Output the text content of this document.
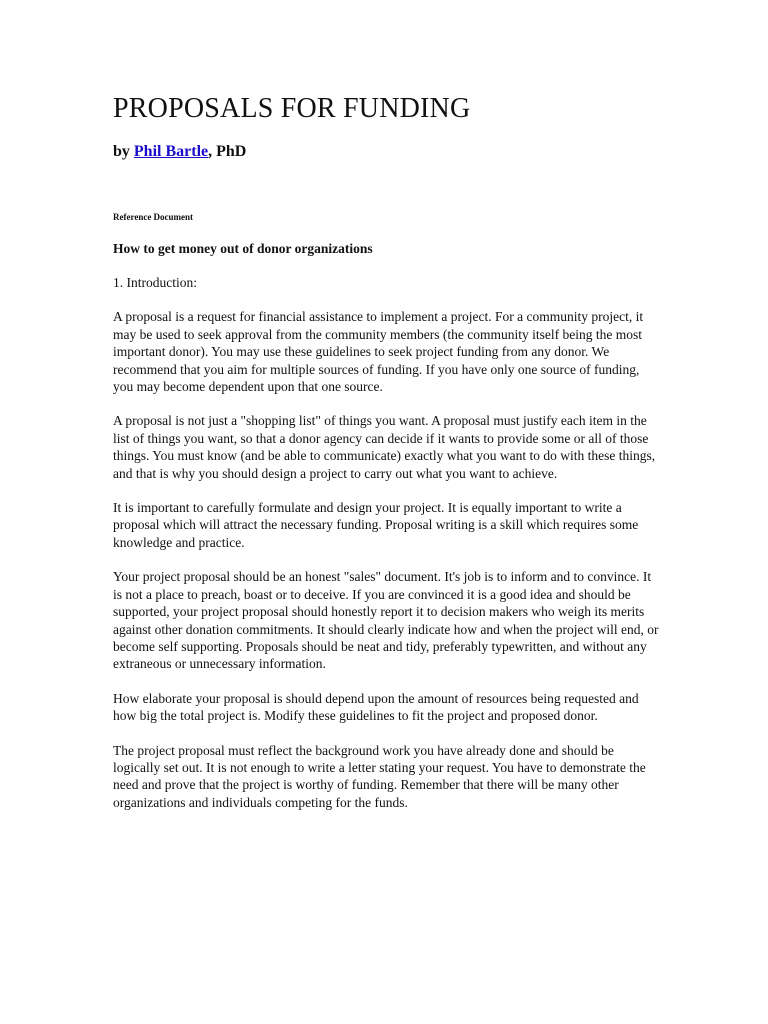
PROPOSALS FOR FUNDING
by Phil Bartle, PhD
Reference Document
How to get money out of donor organizations

1. Introduction:

A proposal is a request for financial assistance to implement a project. For a community project, it may be used to seek approval from the community members (the community itself being the most important donor). You may use these guidelines to seek project funding from any donor. We recommend that you aim for multiple sources of funding. If you have only one source of funding, you may become dependent upon that one source.

A proposal is not just a "shopping list" of things you want. A proposal must justify each item in the list of things you want, so that a donor agency can decide if it wants to provide some or all of those things. You must know (and be able to communicate) exactly what you want to do with these things, and that is why you should design a project to carry out what you want to achieve.

It is important to carefully formulate and design your project. It is equally important to write a proposal which will attract the necessary funding. Proposal writing is a skill which requires some knowledge and practice.

Your project proposal should be an honest "sales" document. It's job is to inform and to convince. It is not a place to preach, boast or to deceive. If you are convinced it is a good idea and should be supported, your project proposal should honestly report it to decision makers who weigh its merits against other donation commitments. It should clearly indicate how and when the project will end, or become self supporting. Proposals should be neat and tidy, preferably typewritten, and without any extraneous or unnecessary information.

How elaborate your proposal is should depend upon the amount of resources being requested and how big the total project is. Modify these guidelines to fit the project and proposed donor.

The project proposal must reflect the background work you have already done and should be logically set out. It is not enough to write a letter stating your request. You have to demonstrate the need and prove that the project is worthy of funding. Remember that there will be many other organizations and individuals competing for the funds.
